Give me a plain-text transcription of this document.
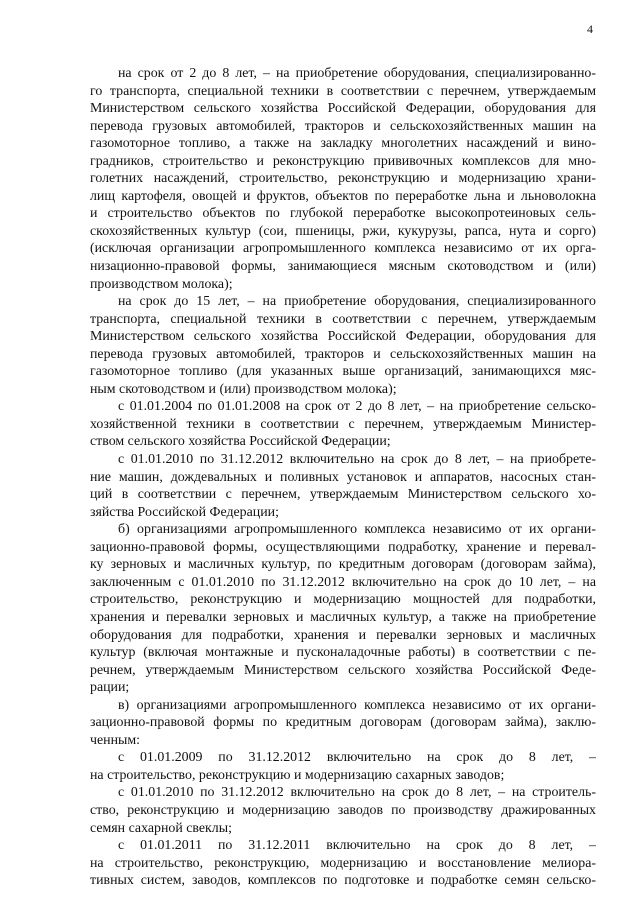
4
на срок от 2 до 8 лет, – на приобретение оборудования, специализированно-
го транспорта, специальной техники в соответствии с перечнем, утверждаемым
Министерством сельского хозяйства Российской Федерации, оборудования для
перевода грузовых автомобилей, тракторов и сельскохозяйственных машин на
газомоторное топливо, а также на закладку многолетних насаждений и вино-
градников, строительство и реконструкцию прививочных комплексов для мно-
голетних насаждений, строительство, реконструкцию и модернизацию храни-
лищ картофеля, овощей и фруктов, объектов по переработке льна и льноволокна
и строительство объектов по глубокой переработке высокопротеиновых сель-
скохозяйственных культур (сои, пшеницы, ржи, кукурузы, рапса, нута и сорго)
(исключая организации агропромышленного комплекса независимо от их орга-
низационно-правовой формы, занимающиеся мясным скотоводством и (или)
производством молока);
на срок до 15 лет, – на приобретение оборудования, специализированного
транспорта, специальной техники в соответствии с перечнем, утверждаемым
Министерством сельского хозяйства Российской Федерации, оборудования для
перевода грузовых автомобилей, тракторов и сельскохозяйственных машин на
газомоторное топливо (для указанных выше организаций, занимающихся мяс-
ным скотоводством и (или) производством молока);
с 01.01.2004 по 01.01.2008 на срок от 2 до 8 лет, – на приобретение сельско-
хозяйственной техники в соответствии с перечнем, утверждаемым Министер-
ством сельского хозяйства Российской Федерации;
с 01.01.2010 по 31.12.2012 включительно на срок до 8 лет, – на приобрете-
ние машин, дождевальных и поливных установок и аппаратов, насосных стан-
ций в соответствии с перечнем, утверждаемым Министерством сельского хо-
зяйства Российской Федерации;
б) организациями агропромышленного комплекса независимо от их органи-
зационно-правовой формы, осуществляющими подработку, хранение и перевал-
ку зерновых и масличных культур, по кредитным договорам (договорам займа),
заключенным с 01.01.2010 по 31.12.2012 включительно на срок до 10 лет, – на
строительство, реконструкцию и модернизацию мощностей для подработки,
хранения и перевалки зерновых и масличных культур, а также на приобретение
оборудования для подработки, хранения и перевалки зерновых и масличных
культур (включая монтажные и пусконаладочные работы) в соответствии с пе-
речнем, утверждаемым Министерством сельского хозяйства Российской Феде-
рации;
в) организациями агропромышленного комплекса независимо от их органи-
зационно-правовой формы по кредитным договорам (договорам займа), заклю-
ченным:
с 01.01.2009 по 31.12.2012 включительно на срок до 8 лет, –
на строительство, реконструкцию и модернизацию сахарных заводов;
с 01.01.2010 по 31.12.2012 включительно на срок до 8 лет, – на строитель-
ство, реконструкцию и модернизацию заводов по производству дражированных
семян сахарной свеклы;
с 01.01.2011 по 31.12.2011 включительно на срок до 8 лет, –
на строительство, реконструкцию, модернизацию и восстановление мелиора-
тивных систем, заводов, комплексов по подготовке и подработке семян сельско-
